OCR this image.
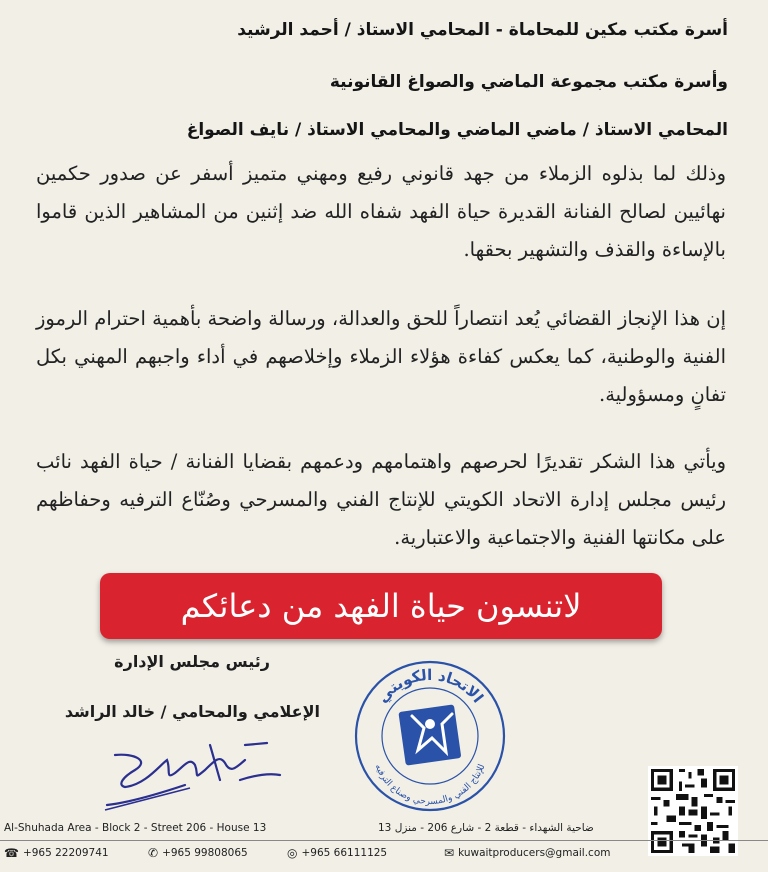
أسرة مكتب مكين للمحاماة - المحامي الاستاذ / أحمد الرشيد
وأسرة مكتب مجموعة الماضي والصواغ القانونية
المحامي الاستاذ / ماضي الماضي والمحامي الاستاذ / نايف الصواغ
وذلك لما بذلوه الزملاء من جهد قانوني رفيع ومهني متميز أسفر عن صدور حكمين نهائيين لصالح الفنانة القديرة حياة الفهد شفاه الله ضد إثنين من المشاهير الذين قاموا بالإساءة والقذف والتشهير بحقها.
إن هذا الإنجاز القضائي يُعد انتصاراً للحق والعدالة، ورسالة واضحة بأهمية احترام الرموز الفنية والوطنية، كما يعكس كفاءة هؤلاء الزملاء وإخلاصهم في أداء واجبهم المهني بكل تفانٍ ومسؤولية.
ويأتي هذا الشكر تقديرًا لحرصهم واهتمامهم ودعمهم بقضايا الفنانة / حياة الفهد نائب رئيس مجلس إدارة الاتحاد الكويتي للإنتاج الفني والمسرحي وصُنّاع الترفيه وحفاظهم على مكانتها الفنية والاجتماعية والاعتبارية.
لاتنسون حياة الفهد من دعائكم
رئيس مجلس الإدارة
الإعلامي والمحامي / خالد الراشد
الاتحاد الكويتي
للإنتاج الفني والمسرحي وصناع الترفيه
Al-Shuhada Area - Block 2 - Street 206 - House 13	ضاحية الشهداء - قطعة 2 - شارع 206 - منزل 13
☎ +965 22209741	✆ +965 99808065	◎ +965 66111125	✉ kuwaitproducers@gmail.com
